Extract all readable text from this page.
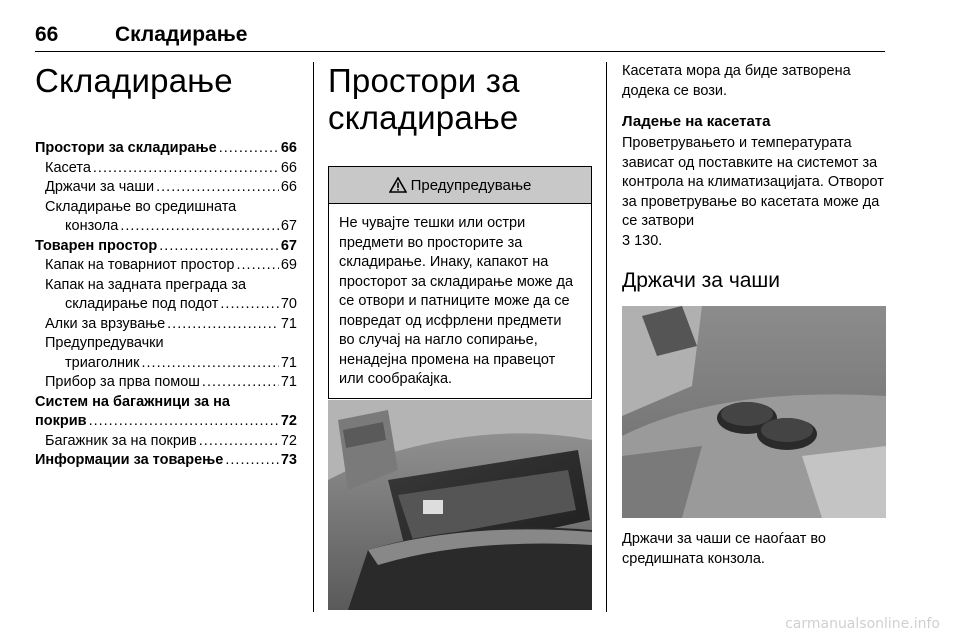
66	Складирање
Складирање
Простори за складирање .....	66
Касета .....	66
Држачи за чаши .....	66
Складирање во средишната
конзола .....	67
Товарен простор .....	67
Капак на товарниот простор .....	69
Капак на задната преграда за
складирање под подот .....	70
Алки за врзување .....	71
Предупредувачки
триаголник .....	71
Прибор за прва помош .....	71
Систем на багажници за на
покрив .....	72
Багажник за на покрив .....	72
Информации за товарење .....	73
Простори за
складирање
Предупредување
Не чувајте тешки или остри предмети во просторите за складирање. Инаку, капакот на просторот за складирање може да се отвори и патниците може да се повредат од исфрлени предмети во случај на нагло сопирање, ненадејна промена на правецот или сообраќајка.

Касетата мора да биде затворена додека се вози.

Ладење на касетата

Проветрувањето и температурата зависат од поставките на системот за контрола на климатизацијата. Отворот за проветрување во касетата може да се затвори
3 130.

Држачи за чаши

Држачи за чаши се наоѓаат во средишната конзола.

carmanualsonline.info
